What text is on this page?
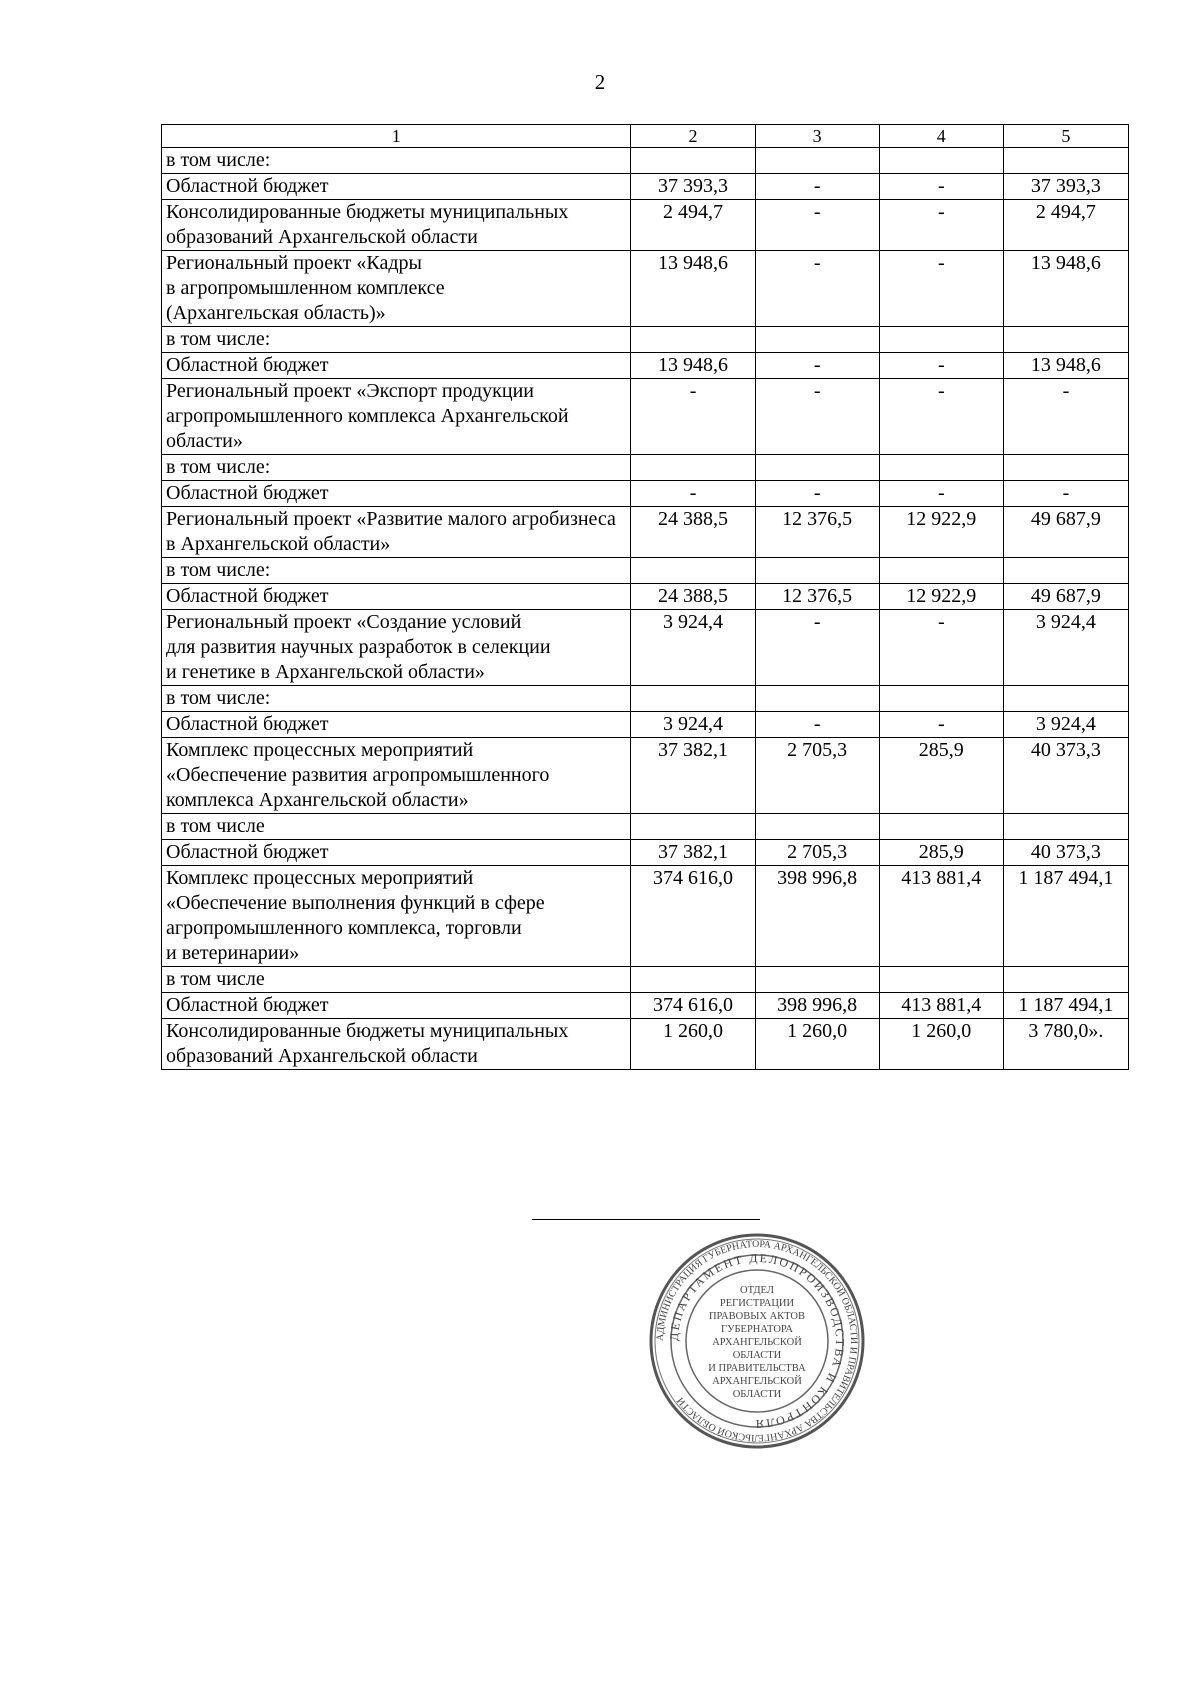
2
1	2	3	4	5
в том числе:				
Областной бюджет	37 393,3	-	-	37 393,3
Консолидированные бюджеты муниципальных образований Архангельской области	2 494,7	-	-	2 494,7
Региональный проект «Кадры
в агропромышленном комплексе
(Архангельская область)»	13 948,6	-	-	13 948,6
в том числе:				
Областной бюджет	13 948,6	-	-	13 948,6
Региональный проект «Экспорт продукции агропромышленного комплекса Архангельской области»	-	-	-	-
в том числе:				
Областной бюджет	-	-	-	-
Региональный проект «Развитие малого агробизнеса в Архангельской области»	24 388,5	12 376,5	12 922,9	49 687,9
в том числе:				
Областной бюджет	24 388,5	12 376,5	12 922,9	49 687,9
Региональный проект «Создание условий
для развития научных разработок в селекции
и генетике в Архангельской области»	3 924,4	-	-	3 924,4
в том числе:				
Областной бюджет	3 924,4	-	-	3 924,4
Комплекс процессных мероприятий
«Обеспечение развития агропромышленного комплекса Архангельской области»	37 382,1	2 705,3	285,9	40 373,3
в том числе				
Областной бюджет	37 382,1	2 705,3	285,9	40 373,3
Комплекс процессных мероприятий
«Обеспечение выполнения функций в сфере агропромышленного комплекса, торговли
и ветеринарии»	374 616,0	398 996,8	413 881,4	1 187 494,1
в том числе				
Областной бюджет	374 616,0	398 996,8	413 881,4	1 187 494,1
Консолидированные бюджеты муниципальных образований Архангельской области	1 260,0	1 260,0	1 260,0	3 780,0».
АДМИНИСТРАЦИЯ ГУБЕРНАТОРА АРХАНГЕЛЬСКОЙ ОБЛАСТИ И ПРАВИТЕЛЬСТВА АРХАНГЕЛЬСКОЙ ОБЛАСТИ
ДЕПАРТАМЕНТ ДЕЛОПРОИЗВОДСТВА И КОНТРОЛЯ
ОТДЕЛ
РЕГИСТРАЦИИ
ПРАВОВЫХ АКТОВ
ГУБЕРНАТОРА
АРХАНГЕЛЬСКОЙ
ОБЛАСТИ
И ПРАВИТЕЛЬСТВА
АРХАНГЕЛЬСКОЙ
ОБЛАСТИ
